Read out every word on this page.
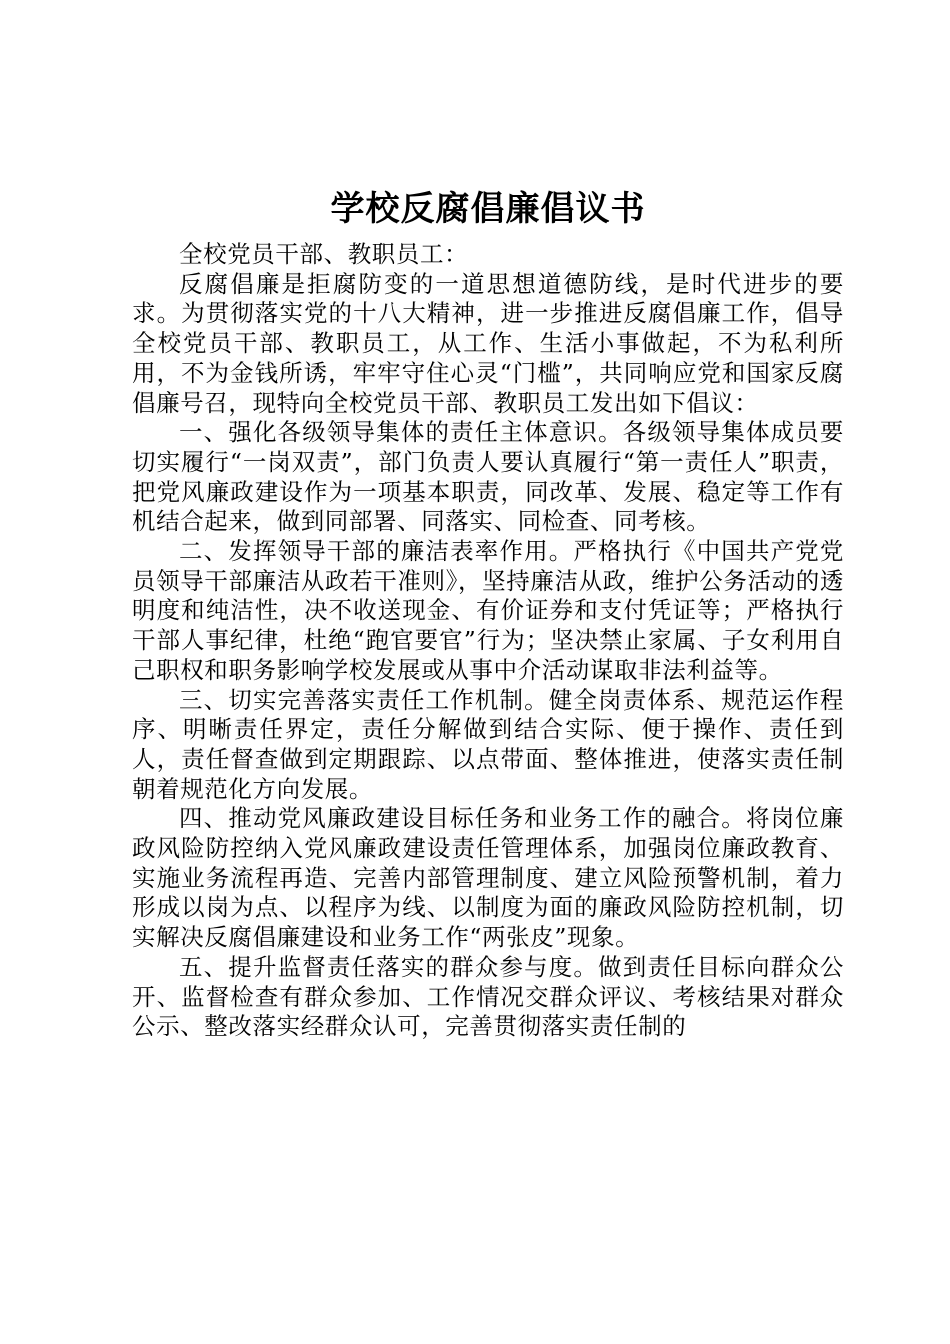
学校反腐倡廉倡议书

全校党员干部、教职员工：

反腐倡廉是拒腐防变的一道思想道德防线，是时代进步的要求。为贯彻落实党的十八大精神，进一步推进反腐倡廉工作，倡导全校党员干部、教职员工，从工作、生活小事做起，不为私利所用，不为金钱所诱，牢牢守住心灵“门槛”，共同响应党和国家反腐倡廉号召，现特向全校党员干部、教职员工发出如下倡议：

一、强化各级领导集体的责任主体意识。各级领导集体成员要切实履行“一岗双责”，部门负责人要认真履行“第一责任人”职责，把党风廉政建设作为一项基本职责，同改革、发展、稳定等工作有机结合起来，做到同部署、同落实、同检查、同考核。

二、发挥领导干部的廉洁表率作用。严格执行《中国共产党党员领导干部廉洁从政若干准则》，坚持廉洁从政，维护公务活动的透明度和纯洁性，决不收送现金、有价证券和支付凭证等；严格执行干部人事纪律，杜绝“跑官要官”行为；坚决禁止家属、子女利用自己职权和职务影响学校发展或从事中介活动谋取非法利益等。

三、切实完善落实责任工作机制。健全岗责体系、规范运作程序、明晰责任界定，责任分解做到结合实际、便于操作、责任到人，责任督查做到定期跟踪、以点带面、整体推进，使落实责任制朝着规范化方向发展。

四、推动党风廉政建设目标任务和业务工作的融合。将岗位廉政风险防控纳入党风廉政建设责任管理体系，加强岗位廉政教育、实施业务流程再造、完善内部管理制度、建立风险预警机制，着力形成以岗为点、以程序为线、以制度为面的廉政风险防控机制，切实解决反腐倡廉建设和业务工作“两张皮”现象。

五、提升监督责任落实的群众参与度。做到责任目标向群众公开、监督检查有群众参加、工作情况交群众评议、考核结果对群众公示、整改落实经群众认可，完善贯彻落实责任制的
